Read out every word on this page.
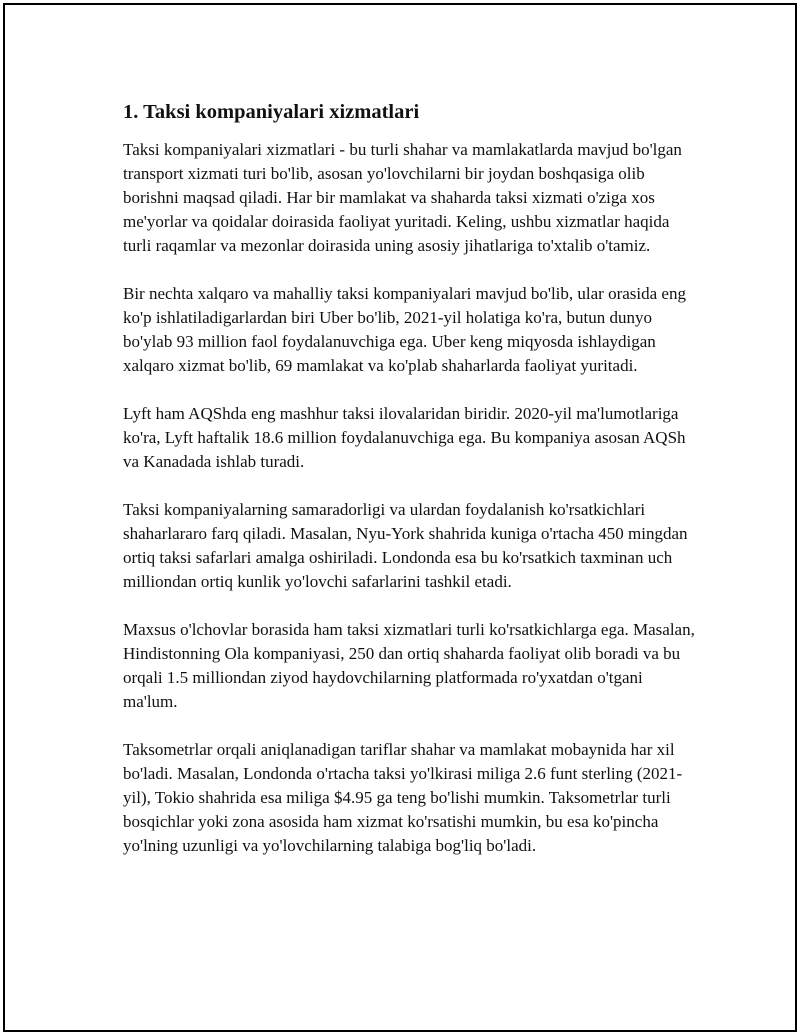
1. Taksi kompaniyalari xizmatlari

Taksi kompaniyalari xizmatlari - bu turli shahar va mamlakatlarda mavjud bo'lgan transport xizmati turi bo'lib, asosan yo'lovchilarni bir joydan boshqasiga olib borishni maqsad qiladi. Har bir mamlakat va shaharda taksi xizmati o'ziga xos me'yorlar va qoidalar doirasida faoliyat yuritadi. Keling, ushbu xizmatlar haqida turli raqamlar va mezonlar doirasida uning asosiy jihatlariga to'xtalib o'tamiz.

Bir nechta xalqaro va mahalliy taksi kompaniyalari mavjud bo'lib, ular orasida eng ko'p ishlatiladigarlardan biri Uber bo'lib, 2021-yil holatiga ko'ra, butun dunyo bo'ylab 93 million faol foydalanuvchiga ega. Uber keng miqyosda ishlaydigan xalqaro xizmat bo'lib, 69 mamlakat va ko'plab shaharlarda faoliyat yuritadi.

Lyft ham AQShda eng mashhur taksi ilovalaridan biridir. 2020-yil ma'lumotlariga ko'ra, Lyft haftalik 18.6 million foydalanuvchiga ega. Bu kompaniya asosan AQSh va Kanadada ishlab turadi.

Taksi kompaniyalarning samaradorligi va ulardan foydalanish ko'rsatkichlari shaharlararo farq qiladi. Masalan, Nyu-York shahrida kuniga o'rtacha 450 mingdan ortiq taksi safarlari amalga oshiriladi. Londonda esa bu ko'rsatkich taxminan uch milliondan ortiq kunlik yo'lovchi safarlarini tashkil etadi.

Maxsus o'lchovlar borasida ham taksi xizmatlari turli ko'rsatkichlarga ega. Masalan, Hindistonning Ola kompaniyasi, 250 dan ortiq shaharda faoliyat olib boradi va bu orqali 1.5 milliondan ziyod haydovchilarning platformada ro'yxatdan o'tgani ma'lum.

Taksometrlar orqali aniqlanadigan tariflar shahar va mamlakat mobaynida har xil bo'ladi. Masalan, Londonda o'rtacha taksi yo'lkirasi miliga 2.6 funt sterling (2021-yil), Tokio shahrida esa miliga $4.95 ga teng bo'lishi mumkin. Taksometrlar turli bosqichlar yoki zona asosida ham xizmat ko'rsatishi mumkin, bu esa ko'pincha yo'lning uzunligi va yo'lovchilarning talabiga bog'liq bo'ladi.
